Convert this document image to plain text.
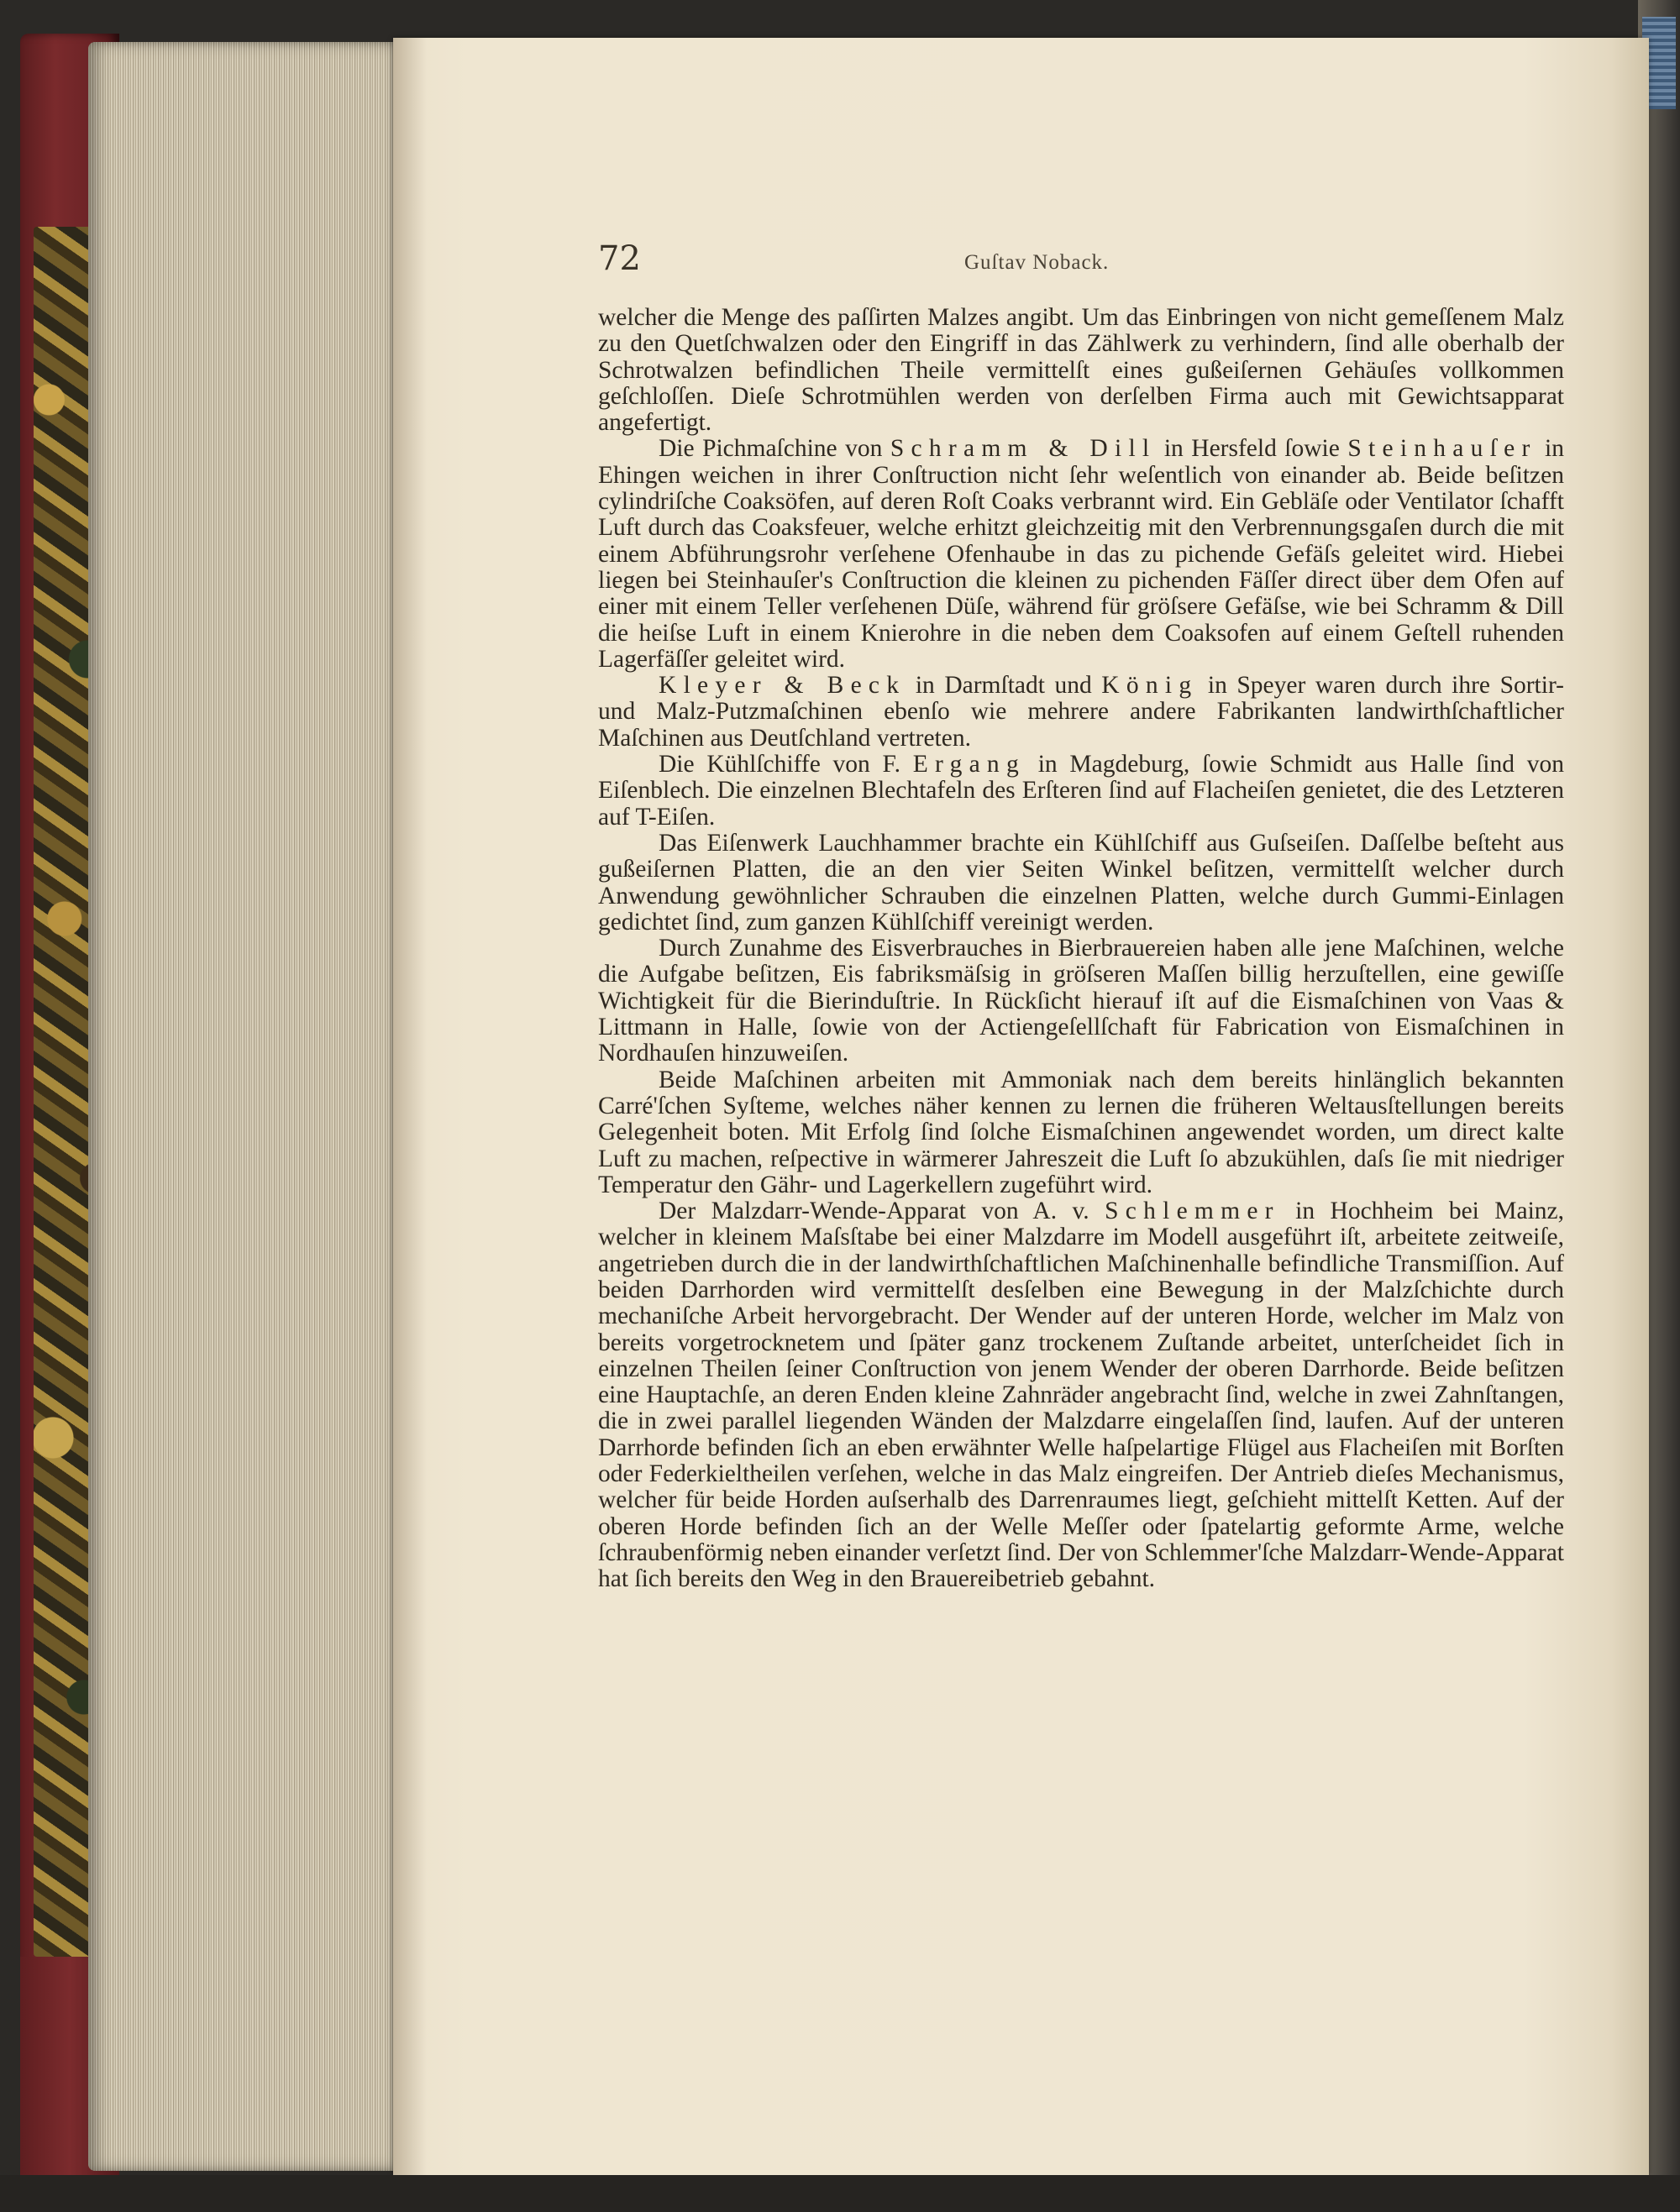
72	Guſtav Noback.

welcher die Menge des paſſirten Malzes angibt. Um das Einbringen von nicht gemeſſenem Malz zu den Quetſchwalzen oder den Eingriff in das Zählwerk zu verhindern, ſind alle oberhalb der Schrotwalzen befindlichen Theile vermittelſt eines gußeiſernen Gehäuſes vollkommen geſchloſſen. Dieſe Schrotmühlen werden von derſelben Firma auch mit Gewichtsapparat angefertigt.

Die Pichmaſchine von Schramm & Dill in Hersfeld ſowie Steinhauſer in Ehingen weichen in ihrer Conſtruction nicht ſehr weſentlich von einander ab. Beide beſitzen cylindriſche Coaksöfen, auf deren Roſt Coaks verbrannt wird. Ein Gebläſe oder Ventilator ſchafft Luft durch das Coaksfeuer, welche erhitzt gleichzeitig mit den Verbrennungsgaſen durch die mit einem Abführungsrohr verſehene Ofenhaube in das zu pichende Gefäſs geleitet wird. Hiebei liegen bei Steinhauſer's Conſtruction die kleinen zu pichenden Fäſſer direct über dem Ofen auf einer mit einem Teller verſehenen Düſe, während für gröſsere Gefäſse, wie bei Schramm & Dill die heiſse Luft in einem Knierohre in die neben dem Coaksofen auf einem Geſtell ruhenden Lagerfäſſer geleitet wird.

Kleyer & Beck in Darmſtadt und König in Speyer waren durch ihre Sortir- und Malz-Putzmaſchinen ebenſo wie mehrere andere Fabrikanten landwirthſchaftlicher Maſchinen aus Deutſchland vertreten.

Die Kühlſchiffe von F. Ergang in Magdeburg, ſowie Schmidt aus Halle ſind von Eiſenblech. Die einzelnen Blechtafeln des Erſteren ſind auf Flacheiſen genietet, die des Letzteren auf T-Eiſen.

Das Eiſenwerk Lauchhammer brachte ein Kühlſchiff aus Guſseiſen. Daſſelbe beſteht aus gußeiſernen Platten, die an den vier Seiten Winkel beſitzen, vermittelſt welcher durch Anwendung gewöhnlicher Schrauben die einzelnen Platten, welche durch Gummi-Einlagen gedichtet ſind, zum ganzen Kühlſchiff vereinigt werden.

Durch Zunahme des Eisverbrauches in Bierbrauereien haben alle jene Maſchinen, welche die Aufgabe beſitzen, Eis fabriksmäſsig in gröſseren Maſſen billig herzuſtellen, eine gewiſſe Wichtigkeit für die Bierinduſtrie. In Rückſicht hierauf iſt auf die Eismaſchinen von Vaas & Littmann in Halle, ſowie von der Actiengeſellſchaft für Fabrication von Eismaſchinen in Nordhauſen hinzuweiſen.

Beide Maſchinen arbeiten mit Ammoniak nach dem bereits hinlänglich bekannten Carré'ſchen Syſteme, welches näher kennen zu lernen die früheren Weltausſtellungen bereits Gelegenheit boten. Mit Erfolg ſind ſolche Eismaſchinen angewendet worden, um direct kalte Luft zu machen, reſpective in wärmerer Jahreszeit die Luft ſo abzukühlen, daſs ſie mit niedriger Temperatur den Gähr- und Lagerkellern zugeführt wird.

Der Malzdarr-Wende-Apparat von A. v. Schlemmer in Hochheim bei Mainz, welcher in kleinem Maſsſtabe bei einer Malzdarre im Modell ausgeführt iſt, arbeitete zeitweiſe, angetrieben durch die in der landwirthſchaftlichen Maſchinenhalle befindliche Transmiſſion. Auf beiden Darrhorden wird vermittelſt desſelben eine Bewegung in der Malzſchichte durch mechaniſche Arbeit hervorgebracht. Der Wender auf der unteren Horde, welcher im Malz von bereits vorgetrocknetem und ſpäter ganz trockenem Zuſtande arbeitet, unterſcheidet ſich in einzelnen Theilen ſeiner Conſtruction von jenem Wender der oberen Darrhorde. Beide beſitzen eine Hauptachſe, an deren Enden kleine Zahnräder angebracht ſind, welche in zwei Zahnſtangen, die in zwei parallel liegenden Wänden der Malzdarre eingelaſſen ſind, laufen. Auf der unteren Darrhorde befinden ſich an eben erwähnter Welle haſpelartige Flügel aus Flacheiſen mit Borſten oder Federkieltheilen verſehen, welche in das Malz eingreifen. Der Antrieb dieſes Mechanismus, welcher für beide Horden auſserhalb des Darrenraumes liegt, geſchieht mittelſt Ketten. Auf der oberen Horde befinden ſich an der Welle Meſſer oder ſpatelartig geformte Arme, welche ſchraubenförmig neben einander verſetzt ſind. Der von Schlemmer'ſche Malzdarr-Wende-Apparat hat ſich bereits den Weg in den Brauereibetrieb gebahnt.
